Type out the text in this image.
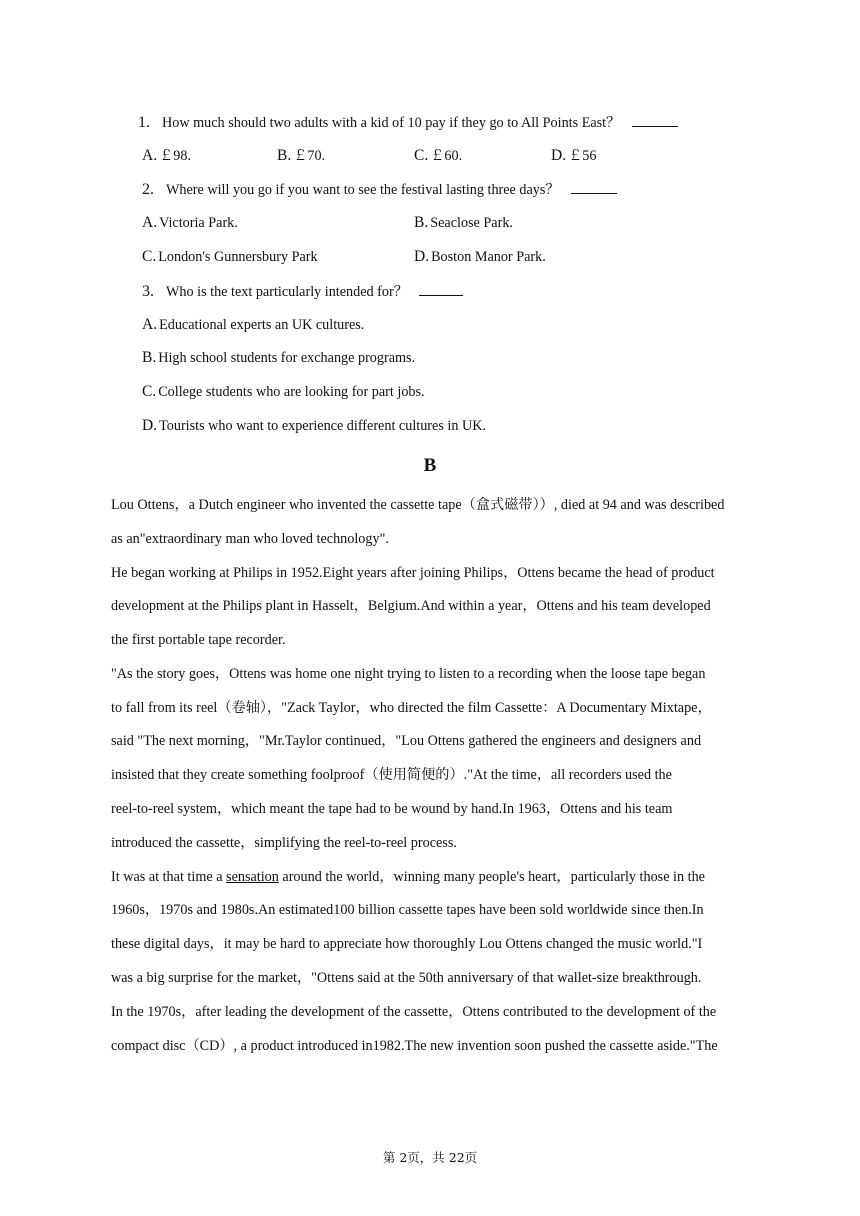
1. How much should two adults with a kid of 10 pay if they go to All Points East？
A. ￡98.	B. ￡70.	C. ￡60.	D. ￡56
2. Where will you go if you want to see the festival lasting three days？
A. Victoria Park.	B. Seaclose Park.
C. London's Gunnersbury Park	D. Boston Manor Park.
3. Who is the text particularly intended for？
A. Educational experts an UK cultures.
B. High school students for exchange programs.
C. College students who are looking for part jobs.
D. Tourists who want to experience different cultures in UK.
B
Lou Ottens，a Dutch engineer who invented the cassette tape（盒式磁带））, died at 94 and was described
as an"extraordinary man who loved technology".
He began working at Philips in 1952.Eight years after joining Philips，Ottens became the head of product
development at the Philips plant in Hasselt，Belgium.And within a year，Ottens and his team developed
the first portable tape recorder.
"As the story goes，Ottens was home one night trying to listen to a recording when the loose tape began
to fall from its reel（卷轴），"Zack Taylor，who directed the film Cassette：A Documentary Mixtape，
said "The next morning，"Mr.Taylor continued，"Lou Ottens gathered the engineers and designers and
insisted that they create something foolproof（使用简便的）."At the time，all recorders used the
reel-to-reel system，which meant the tape had to be wound by hand.In 1963，Ottens and his team
introduced the cassette，simplifying the reel-to-reel process.
It was at that time a sensation around the world，winning many people's heart，particularly those in the
1960s，1970s and 1980s.An estimated100 billion cassette tapes have been sold worldwide since then.In
these digital days，it may be hard to appreciate how thoroughly Lou Ottens changed the music world."I
was a big surprise for the market，"Ottens said at the 50th anniversary of that wallet-size breakthrough.
In the 1970s，after leading the development of the cassette，Ottens contributed to the development of the
compact disc（CD）, a product introduced in1982.The new invention soon pushed the cassette aside."The
第 2页，共 22页
